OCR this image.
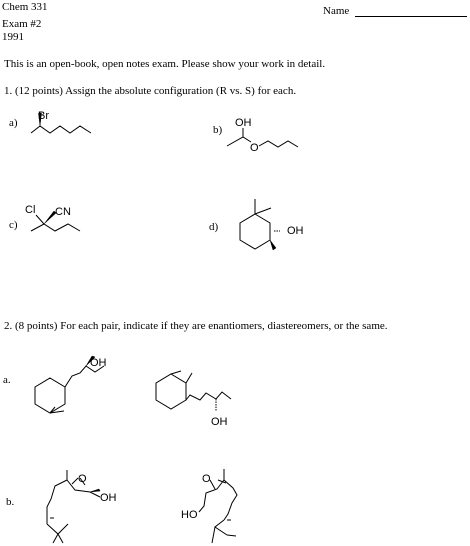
Chem 331
Exam #2
1991
Name
This is an open-book, open notes exam. Please show your work in detail.
1. (12 points) Assign the absolute configuration (R vs. S) for each.
a)
b)
c)	d)
2. (8 points) For each pair, indicate if they are enantiomers, diastereomers, or the same.
a.
b.
Br
OH
O
Cl CN
OH
OH
OH
O
OH
O
HO
